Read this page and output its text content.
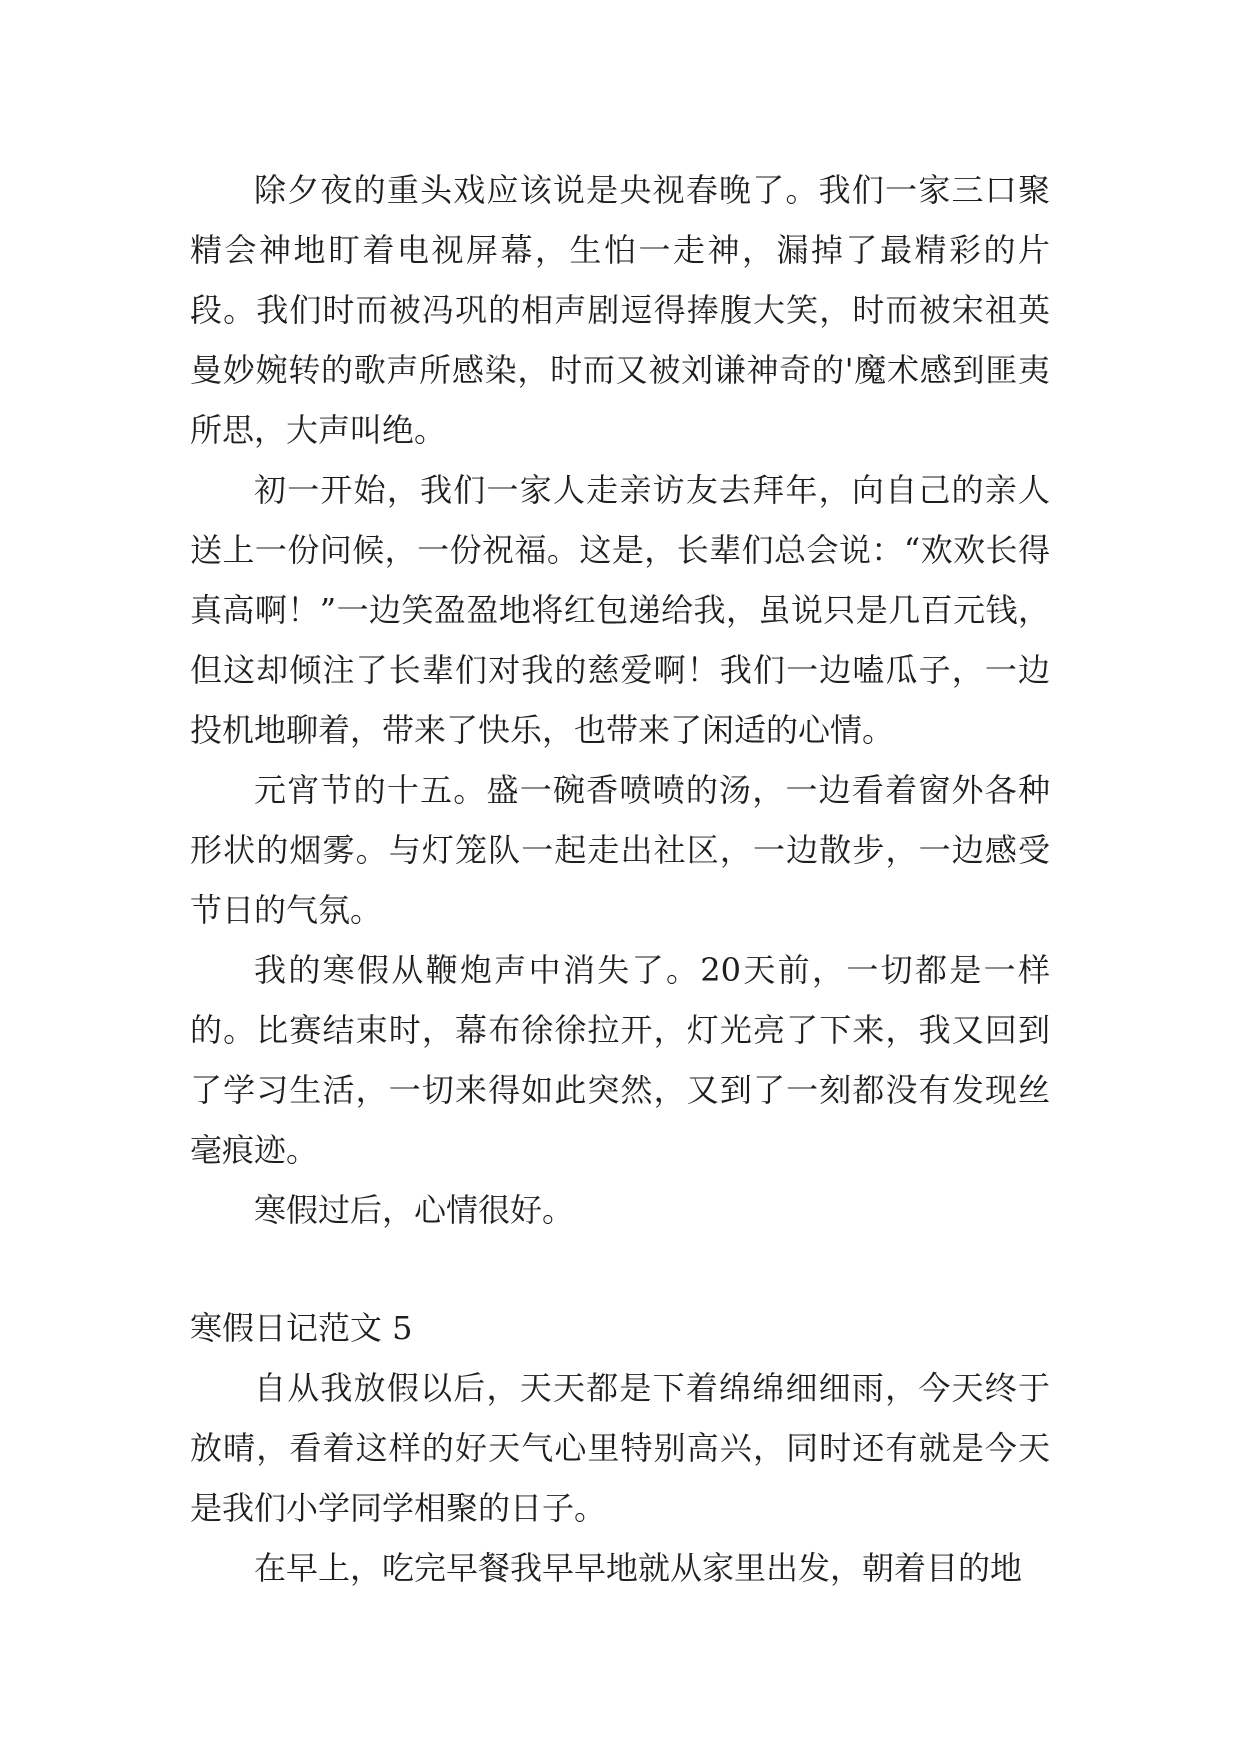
除夕夜的重头戏应该说是央视春晚了。我们一家三口聚精会神地盯着电视屏幕，生怕一走神，漏掉了最精彩的片段。我们时而被冯巩的相声剧逗得捧腹大笑，时而被宋祖英曼妙婉转的歌声所感染，时而又被刘谦神奇的'魔术感到匪夷所思，大声叫绝。

初一开始，我们一家人走亲访友去拜年，向自己的亲人送上一份问候，一份祝福。这是，长辈们总会说：“欢欢长得真高啊！”一边笑盈盈地将红包递给我，虽说只是几百元钱，但这却倾注了长辈们对我的慈爱啊！我们一边嗑瓜子，一边投机地聊着，带来了快乐，也带来了闲适的心情。

元宵节的十五。盛一碗香喷喷的汤，一边看着窗外各种形状的烟雾。与灯笼队一起走出社区，一边散步，一边感受节日的气氛。

我的寒假从鞭炮声中消失了。20天前，一切都是一样的。比赛结束时，幕布徐徐拉开，灯光亮了下来，我又回到了学习生活，一切来得如此突然，又到了一刻都没有发现丝毫痕迹。

寒假过后，心情很好。

寒假日记范文 5

自从我放假以后，天天都是下着绵绵细细雨，今天终于放晴，看着这样的好天气心里特别高兴，同时还有就是今天是我们小学同学相聚的日子。

在早上，吃完早餐我早早地就从家里出发，朝着目的地
